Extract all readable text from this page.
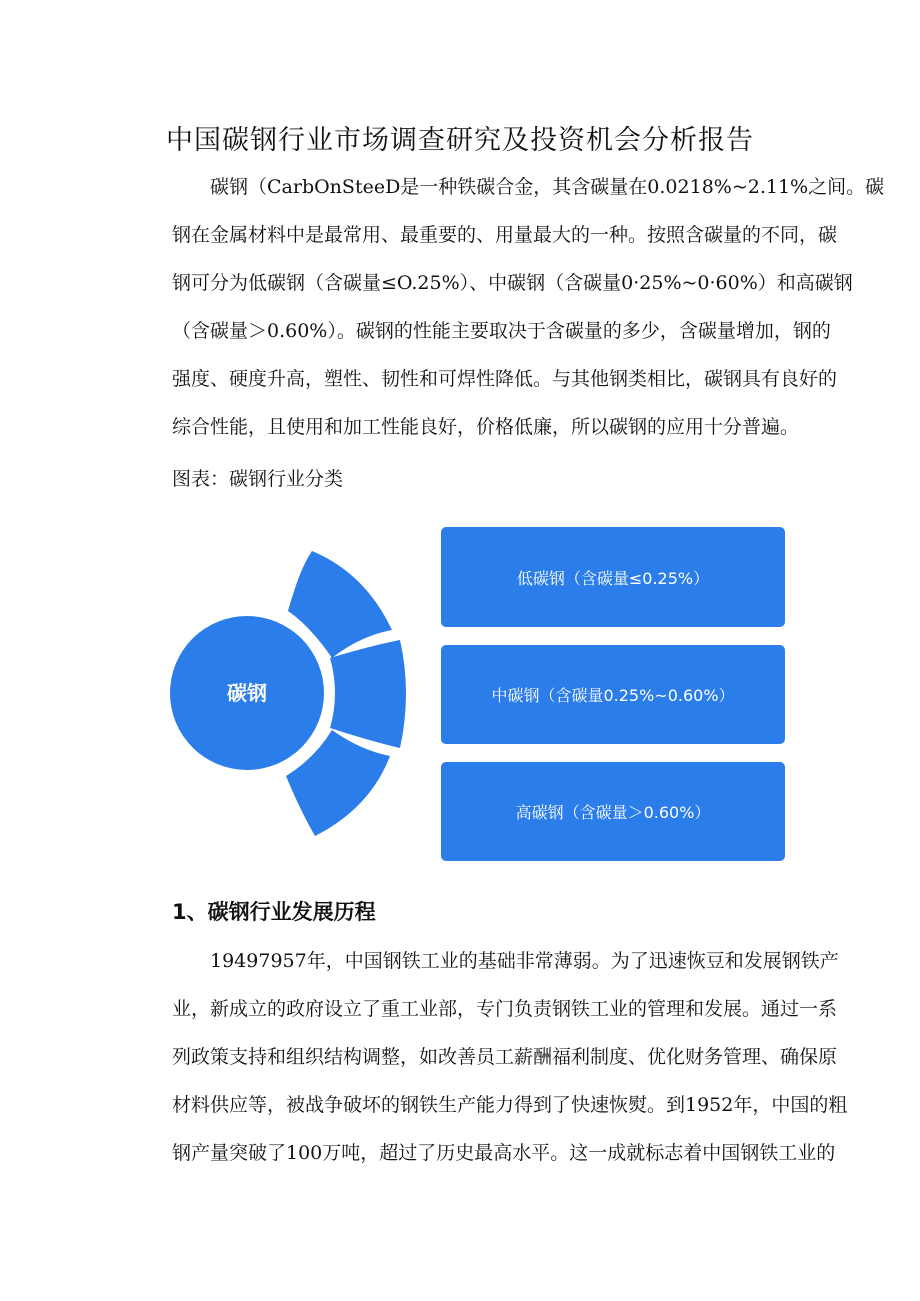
中国碳钢行业市场调查研究及投资机会分析报告
　　碳钢（CarbOnSteeD是一种铁碳合金，其含碳量在0.0218%~2.11%之间。碳
钢在金属材料中是最常用、最重要的、用量最大的一种。按照含碳量的不同，碳
钢可分为低碳钢（含碳量≤O.25%）、中碳钢（含碳量0·25%~0·60%）和高碳钢
（含碳量＞0.60%）。碳钢的性能主要取决于含碳量的多少，含碳量增加，钢的
强度、硬度升高，塑性、韧性和可焊性降低。与其他钢类相比，碳钢具有良好的
综合性能，且使用和加工性能良好，价格低廉，所以碳钢的应用十分普遍。
图表：碳钢行业分类
碳钢
低碳钢（含碳量≤0.25%）
中碳钢（含碳量0.25%~0.60%）
高碳钢（含碳量＞0.60%）
1、碳钢行业发展历程
　　19497957年，中国钢铁工业的基础非常薄弱。为了迅速恢豆和发展钢铁产
业，新成立的政府设立了重工业部，专门负责钢铁工业的管理和发展。通过一系
列政策支持和组织结构调整，如改善员工薪酬福利制度、优化财务管理、确保原
材料供应等，被战争破坏的钢铁生产能力得到了快速恢熨。到1952年，中国的粗
钢产量突破了100万吨，超过了历史最高水平。这一成就标志着中国钢铁工业的
